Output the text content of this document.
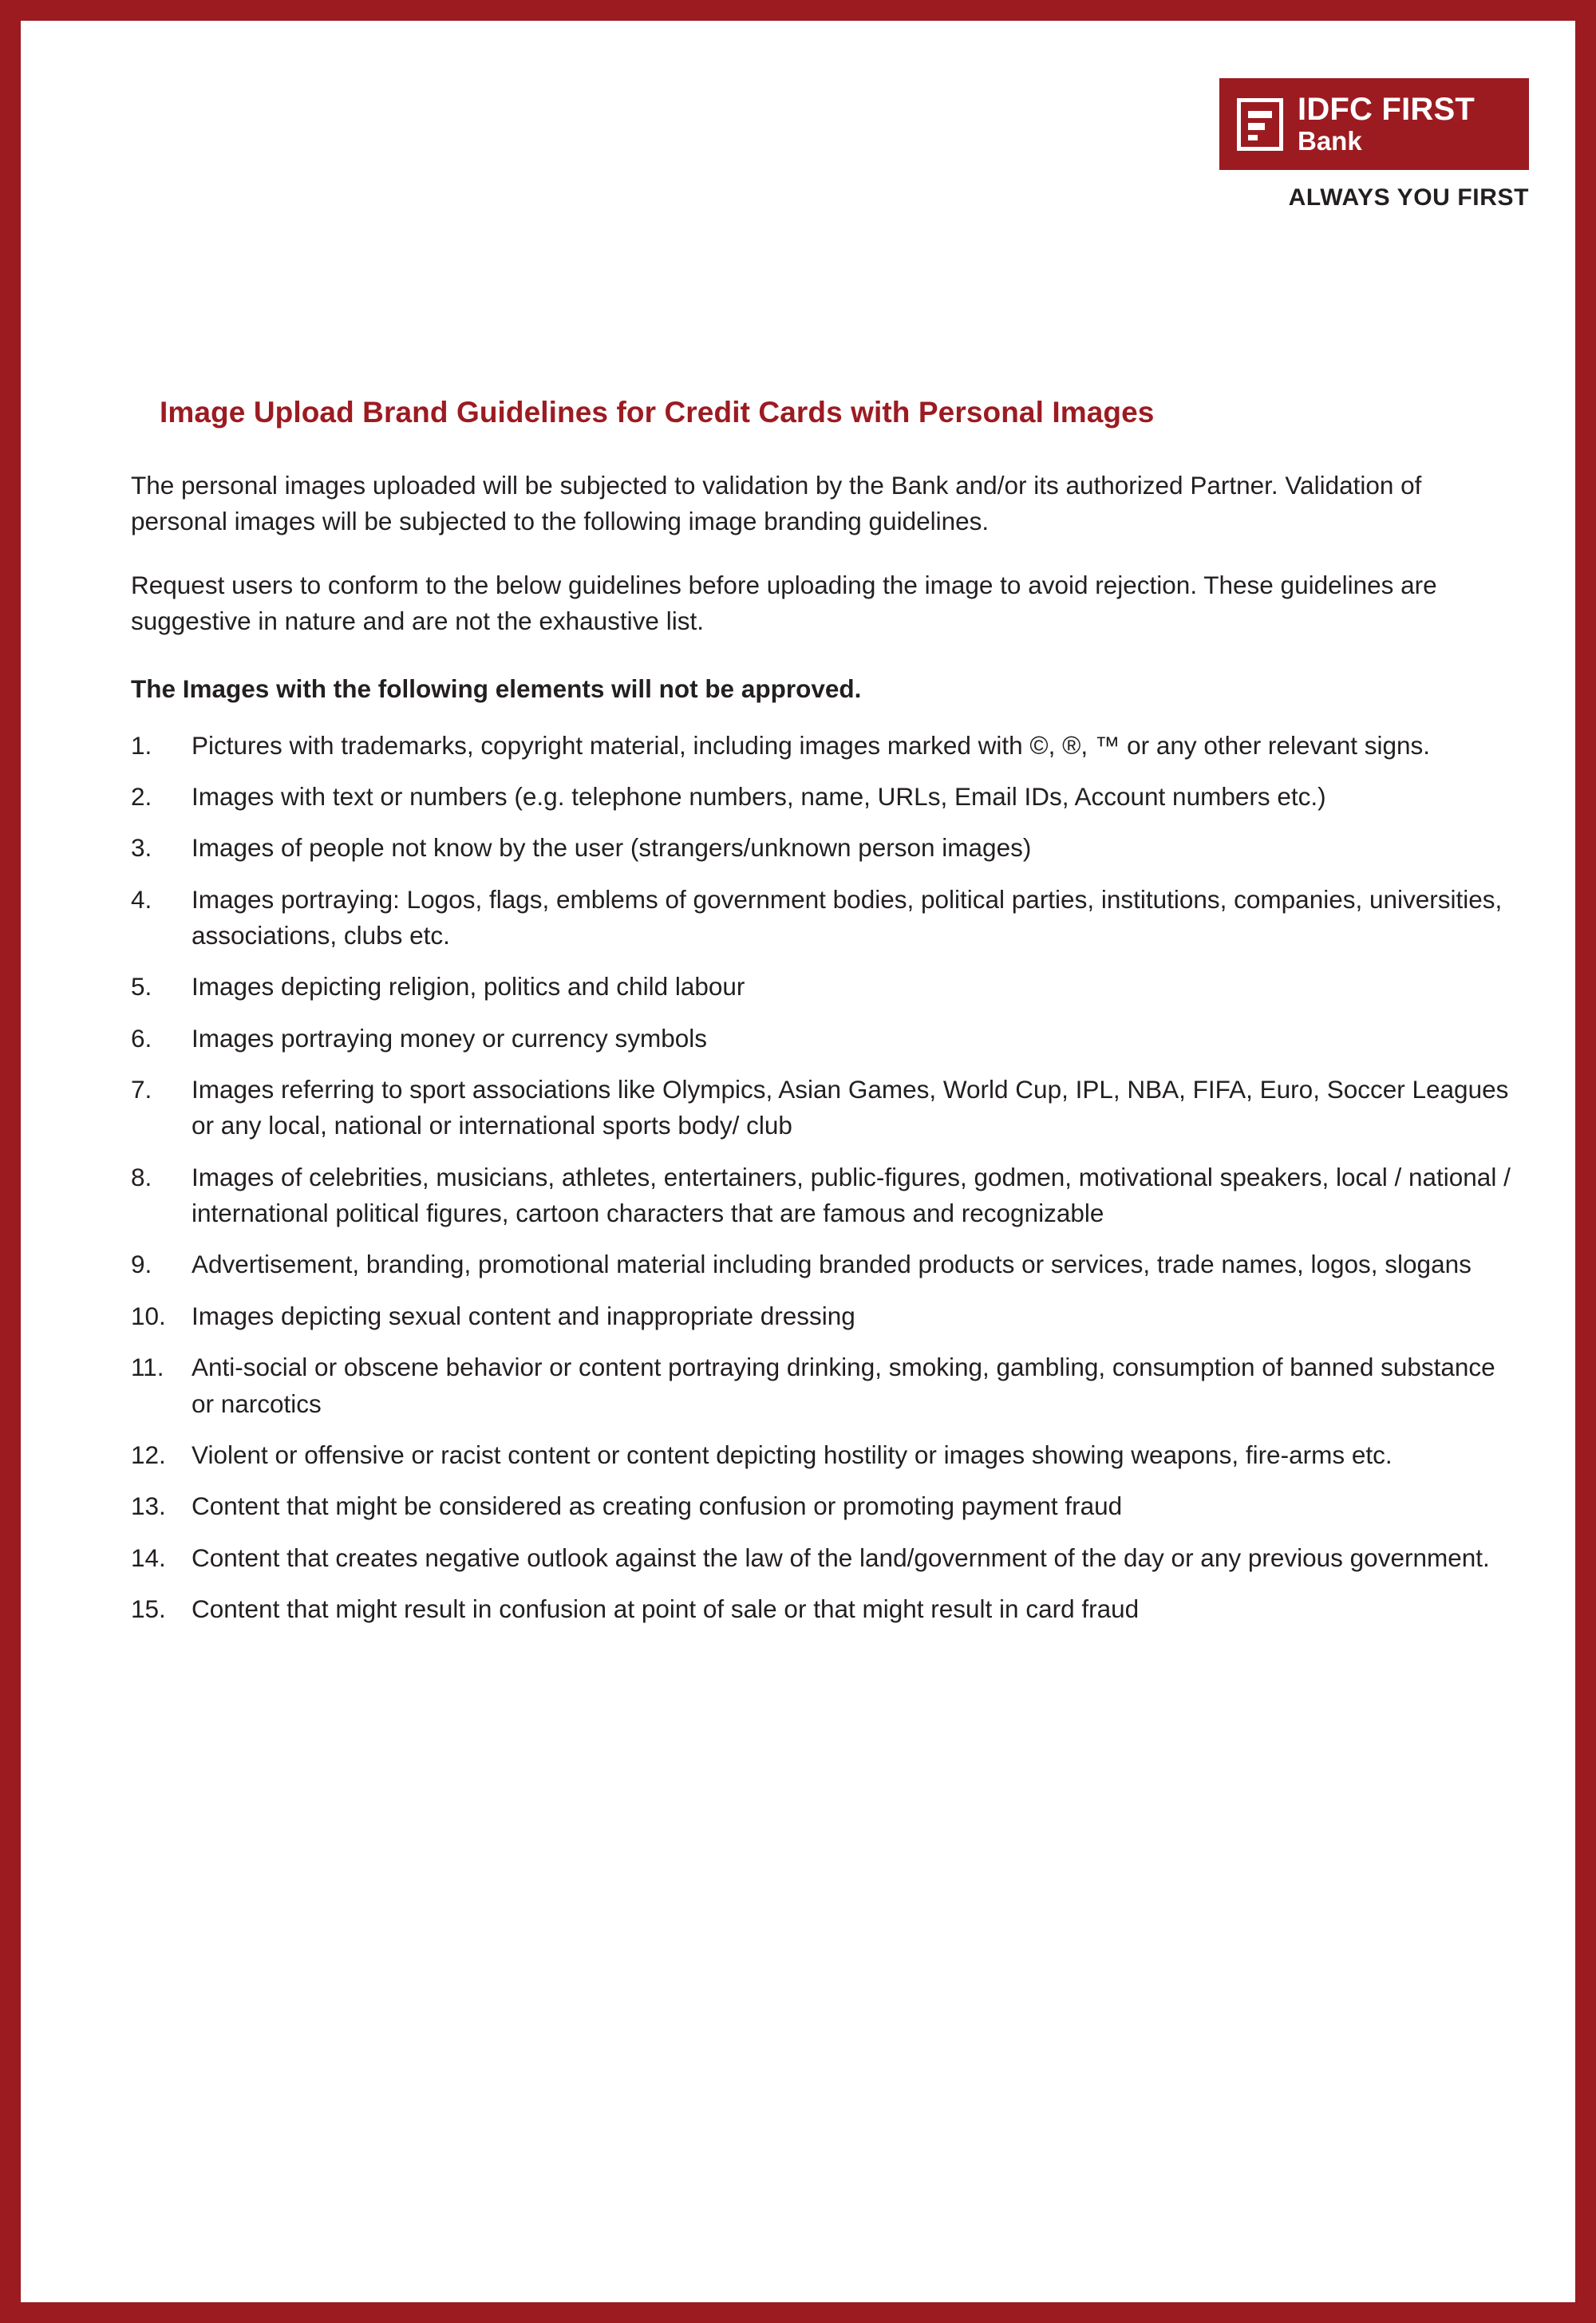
IDFC FIRST
Bank
ALWAYS YOU FIRST
Image Upload Brand Guidelines for Credit Cards with Personal Images

The personal images uploaded will be subjected to validation by the Bank and/or its authorized Partner. Validation of personal images will be subjected to the following image branding guidelines.

Request users to conform to the below guidelines before uploading the image to avoid rejection. These guidelines are suggestive in nature and are not the exhaustive list.

The Images with the following elements will not be approved.

1.	Pictures with trademarks, copyright material, including images marked with ©, ®, ™ or any other relevant signs.
2.	Images with text or numbers (e.g. telephone numbers, name, URLs, Email IDs, Account numbers etc.)
3.	Images of people not know by the user (strangers/unknown person images)
4.	Images portraying: Logos, flags, emblems of government bodies, political parties, institutions, companies, universities, associations, clubs etc.
5.	Images depicting religion, politics and child labour
6.	Images portraying money or currency symbols
7.	Images referring to sport associations like Olympics, Asian Games, World Cup, IPL, NBA, FIFA, Euro, Soccer Leagues or any local, national or international sports body/ club
8.	Images of celebrities, musicians, athletes, entertainers, public-figures, godmen, motivational speakers, local / national / international political figures, cartoon characters that are famous and recognizable
9.	Advertisement, branding, promotional material including branded products or services, trade names, logos, slogans
10.	Images depicting sexual content and inappropriate dressing
11.	Anti-social or obscene behavior or content portraying drinking, smoking, gambling, consumption of banned substance or narcotics
12.	Violent or offensive or racist content or content depicting hostility or images showing weapons, fire-arms etc.
13.	Content that might be considered as creating confusion or promoting payment fraud
14.	Content that creates negative outlook against the law of the land/government of the day or any previous government.
15.	Content that might result in confusion at point of sale or that might result in card fraud
